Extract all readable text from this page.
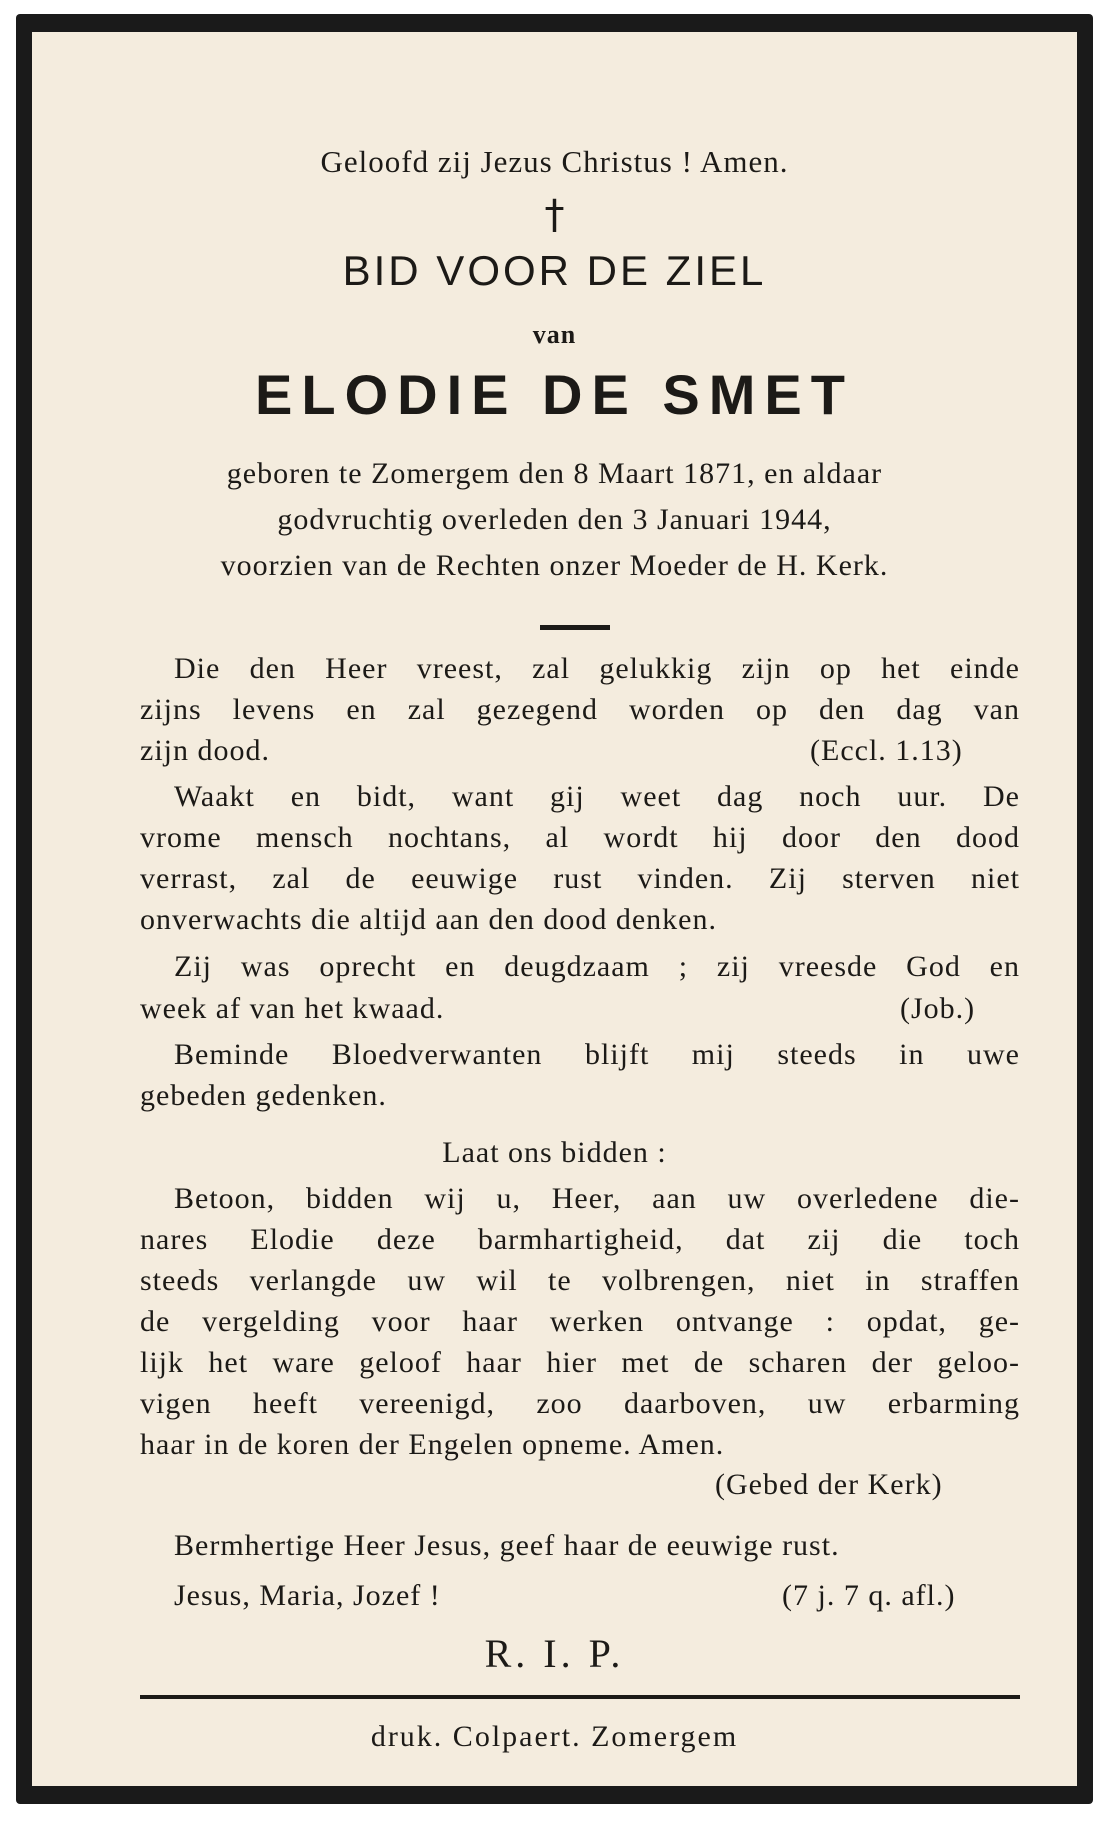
Geloofd zij Jezus Christus ! Amen.

†

BID VOOR DE ZIEL

van

ELODIE DE SMET

geboren te Zomergem den 8 Maart 1871, en aldaar

godvruchtig overleden den 3 Januari 1944,

voorzien van de Rechten onzer Moeder de H. Kerk.

Die den Heer vreest, zal gelukkig zijn op het einde

zijns levens en zal gezegend worden op den dag van

zijn dood.	(Eccl. 1.13)

Waakt en bidt, want gij weet dag noch uur. De

vrome mensch nochtans, al wordt hij door den dood

verrast, zal de eeuwige rust vinden. Zij sterven niet

onverwachts die altijd aan den dood denken.

Zij was oprecht en deugdzaam ; zij vreesde God en

week af van het kwaad.	(Job.)

Beminde Bloedverwanten blijft mij steeds in uwe

gebeden gedenken.

Laat ons bidden :

Betoon, bidden wij u, Heer, aan uw overledene die-

nares Elodie deze barmhartigheid, dat zij die toch

steeds verlangde uw wil te volbrengen, niet in straffen

de vergelding voor haar werken ontvange : opdat, ge-

lijk het ware geloof haar hier met de scharen der geloo-

vigen heeft vereenigd, zoo daarboven, uw erbarming

haar in de koren der Engelen opneme. Amen.

(Gebed der Kerk)

Bermhertige Heer Jesus, geef haar de eeuwige rust.

Jesus, Maria, Jozef !	(7 j. 7 q. afl.)

R. I. P.

druk. Colpaert. Zomergem
